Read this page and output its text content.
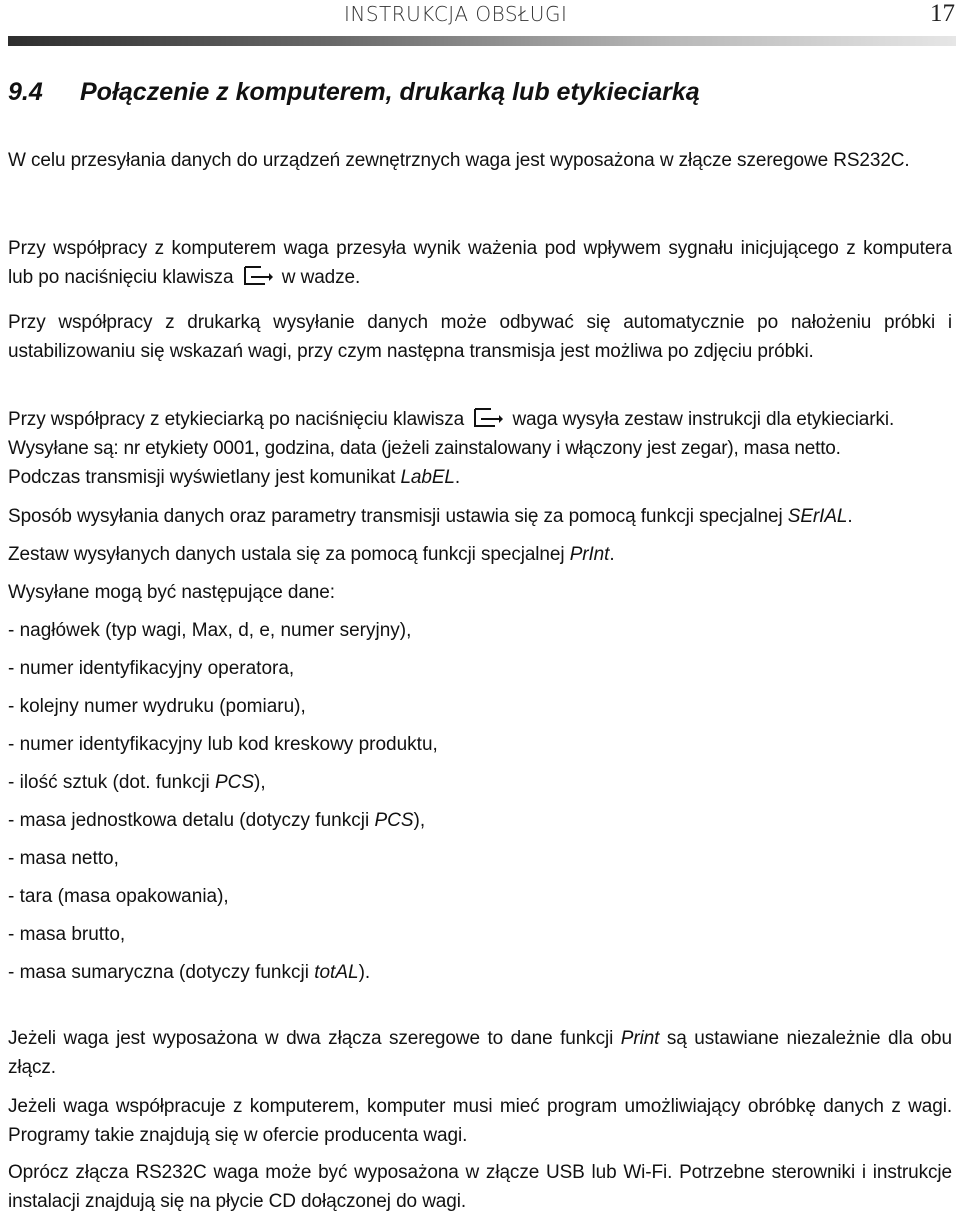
INSTRUKCJA OBSŁUGI	17
9.4 Połączenie z komputerem, drukarką lub etykieciarką
W celu przesyłania danych do urządzeń zewnętrznych waga jest wyposażona w złącze szeregowe RS232C.
Przy współpracy z komputerem waga przesyła wynik ważenia pod wpływem sygnału inicjującego z komputera lub po naciśnięciu klawisza	w wadze.
Przy współpracy z drukarką wysyłanie danych może odbywać się automatycznie po nałożeniu próbki i ustabilizowaniu się wskazań wagi, przy czym następna transmisja jest możliwa po zdjęciu próbki.
Przy współpracy z etykieciarką po naciśnięciu klawisza	waga wysyła zestaw instrukcji dla etykieciarki.
Wysyłane są: nr etykiety 0001, godzina, data (jeżeli zainstalowany i włączony jest zegar), masa netto.
Podczas transmisji wyświetlany jest komunikat LabEL.
Sposób wysyłania danych oraz parametry transmisji ustawia się za pomocą funkcji specjalnej SErIAL.
Zestaw wysyłanych danych ustala się za pomocą funkcji specjalnej PrInt.
Wysyłane mogą być następujące dane:
- nagłówek (typ wagi, Max, d, e, numer seryjny),
- numer identyfikacyjny operatora,
- kolejny numer wydruku (pomiaru),
- numer identyfikacyjny lub kod kreskowy produktu,
- ilość sztuk (dot. funkcji PCS),
- masa jednostkowa detalu (dotyczy funkcji PCS),
- masa netto,
- tara (masa opakowania),
- masa brutto,
- masa sumaryczna (dotyczy funkcji totAL).
Jeżeli waga jest wyposażona w dwa złącza szeregowe to dane funkcji Print są ustawiane niezależnie dla obu złącz.
Jeżeli waga współpracuje z komputerem, komputer musi mieć program umożliwiający obróbkę danych z wagi. Programy takie znajdują się w ofercie producenta wagi.
Oprócz złącza RS232C waga może być wyposażona w złącze USB lub Wi-Fi. Potrzebne sterowniki i instrukcje instalacji znajdują się na płycie CD dołączonej do wagi.
